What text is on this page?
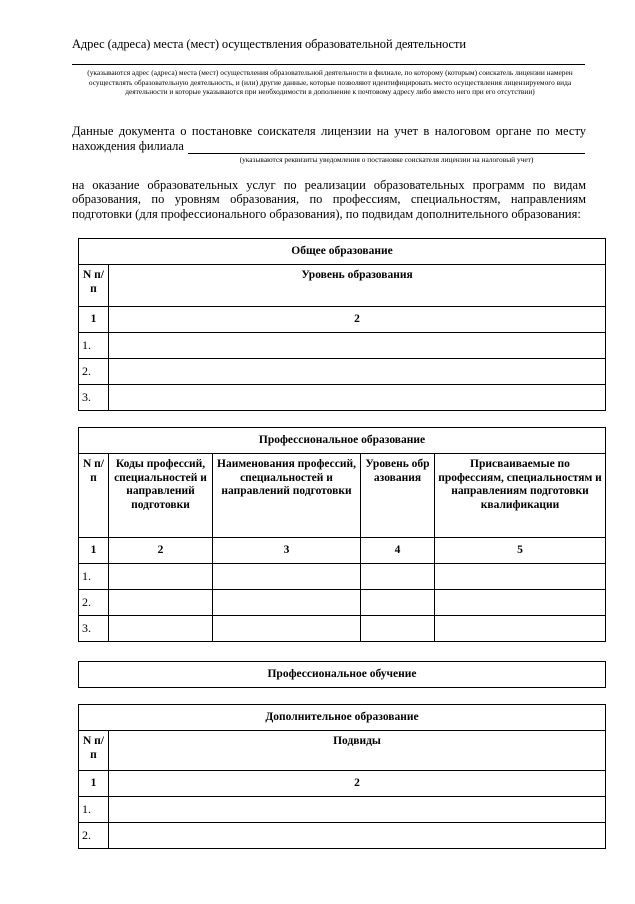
Адрес (адреса) места (мест) осуществления образовательной деятельности
(указываются адрес (адреса) места (мест) осуществления образовательной деятельности в филиале, по которому (которым) соискатель лицензии намерен осуществлять образовательную деятельность, и (или) другие данные, которые позволяют идентифицировать место осуществления лицензируемого вида деятельности и которые указываются при необходимости в дополнение к почтовому адресу либо вместо него при его отсутствии)
Данные документа о постановке соискателя лицензии на учет в налоговом органе по месту
нахождения филиала
(указываются реквизиты уведомления о постановке соискателя лицензии на налоговый учет)
на оказание образовательных услуг по реализации образовательных программ по видам образования, по уровням образования, по профессиям, специальностям, направлениям подготовки (для профессионального образования), по подвидам дополнительного образования:
Общее образование	
N п/п	Уровень образования
1	2
1.	
2.	
3.	
Профессиональное образование				
N п/п	Коды профессий, специальностей и направлений подготовки	Наименования профессий, специальностей и направлений подготовки	Уровень образования	Присваиваемые по профессиям, специальностям и направлениям подготовки квалификации
1	2	3	4	5
1.				
2.				
3.				
Профессиональное обучение
Дополнительное образование	
N п/п	Подвиды
1	2
1.	
2.	
